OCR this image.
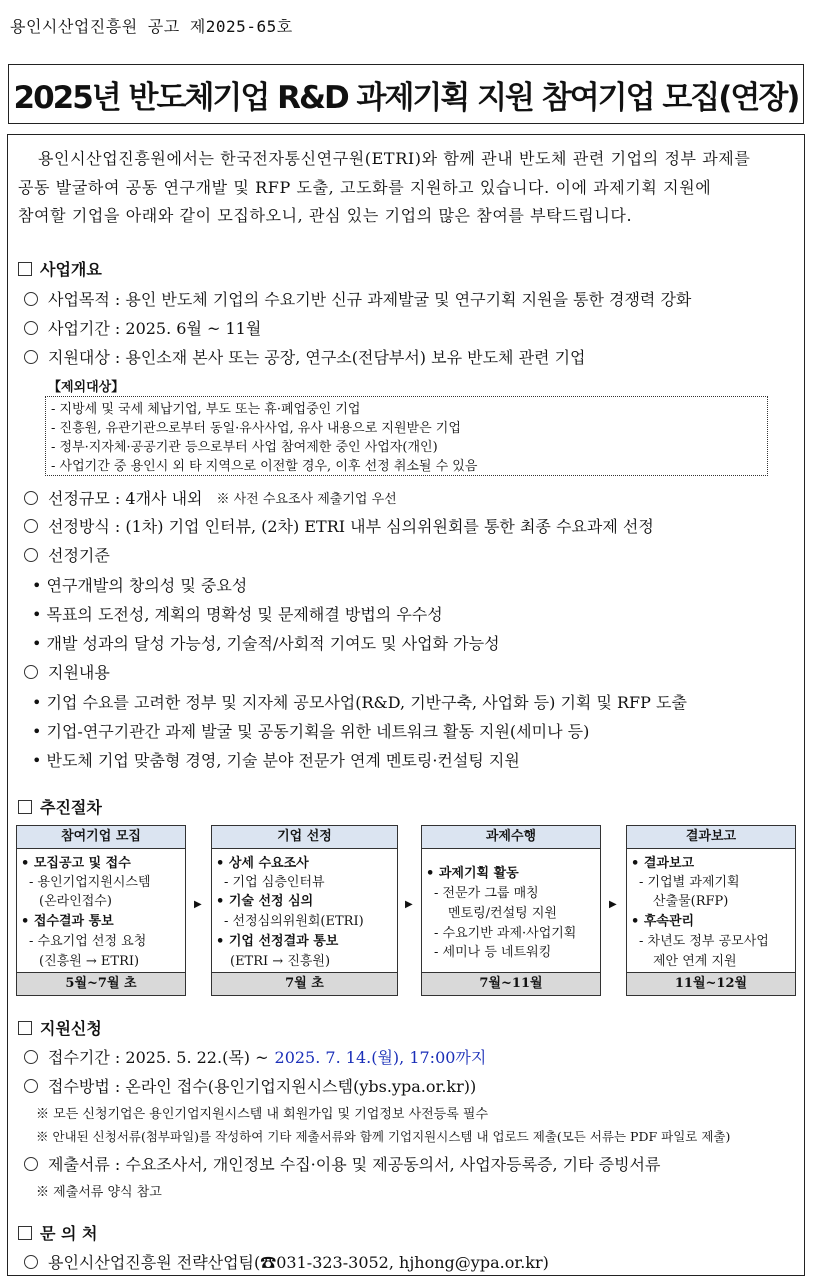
용인시산업진흥원 공고 제2025-65호
2025년 반도체기업 R&D 과제기획 지원 참여기업 모집(연장)
용인시산업진흥원에서는 한국전자통신연구원(ETRI)와 함께 관내 반도체 관련 기업의 정부 과제를
공동 발굴하여 공동 연구개발 및 RFP 도출, 고도화를 지원하고 있습니다. 이에 과제기획 지원에
참여할 기업을 아래와 같이 모집하오니, 관심 있는 기업의 많은 참여를 부탁드립니다.
사업개요
사업목적 : 용인 반도체 기업의 수요기반 신규 과제발굴 및 연구기획 지원을 통한 경쟁력 강화
사업기간 : 2025. 6월 ~ 11월
지원대상 : 용인소재 본사 또는 공장, 연구소(전담부서) 보유 반도체 관련 기업
【제외대상】
- 지방세 및 국세 체납기업, 부도 또는 휴·폐업중인 기업
- 진흥원, 유관기관으로부터 동일·유사사업, 유사 내용으로 지원받은 기업
- 정부·지자체·공공기관 등으로부터 사업 참여제한 중인 사업자(개인)
- 사업기간 중 용인시 외 타 지역으로 이전할 경우, 이후 선정 취소될 수 있음
선정규모 : 4개사 내외 ※ 사전 수요조사 제출기업 우선
선정방식 : (1차) 기업 인터뷰, (2차) ETRI 내부 심의위원회를 통한 최종 수요과제 선정
선정기준
• 연구개발의 창의성 및 중요성
• 목표의 도전성, 계획의 명확성 및 문제해결 방법의 우수성
• 개발 성과의 달성 가능성, 기술적/사회적 기여도 및 사업화 가능성
지원내용
• 기업 수요를 고려한 정부 및 지자체 공모사업(R&D, 기반구축, 사업화 등) 기획 및 RFP 도출
• 기업-연구기관간 과제 발굴 및 공동기획을 위한 네트워크 활동 지원(세미나 등)
• 반도체 기업 맞춤형 경영, 기술 분야 전문가 연계 멘토링·컨설팅 지원
추진절차
참여기업 모집
• 모집공고 및 접수
- 용인기업지원시스템
(온라인접수)
• 접수결과 통보
- 수요기업 선정 요청
(진흥원 → ETRI)
5월~7월 초
▶
기업 선정
• 상세 수요조사
- 기업 심층인터뷰
• 기술 선정 심의
- 선정심의위원회(ETRI)
• 기업 선정결과 통보
(ETRI → 진흥원)
7월 초
▶
과제수행
• 과제기획 활동
- 전문가 그룹 매칭
멘토링/컨설팅 지원
- 수요기반 과제·사업기획
- 세미나 등 네트워킹
7월~11월
▶
결과보고
• 결과보고
- 기업별 과제기획
산출물(RFP)
• 후속관리
- 차년도 정부 공모사업
제안 연계 지원
11월~12월
지원신청
접수기간 : 2025. 5. 22.(목) ~ 2025. 7. 14.(월), 17:00까지
접수방법 : 온라인 접수(용인기업지원시스템(ybs.ypa.or.kr))
※ 모든 신청기업은 용인기업지원시스템 내 회원가입 및 기업정보 사전등록 필수
※ 안내된 신청서류(첨부파일)를 작성하여 기타 제출서류와 함께 기업지원시스템 내 업로드 제출(모든 서류는 PDF 파일로 제출)
제출서류 : 수요조사서, 개인정보 수집·이용 및 제공동의서, 사업자등록증, 기타 증빙서류
※ 제출서류 양식 참고
문 의 처
용인시산업진흥원 전략산업팀(☎031-323-3052, hjhong@ypa.or.kr)
